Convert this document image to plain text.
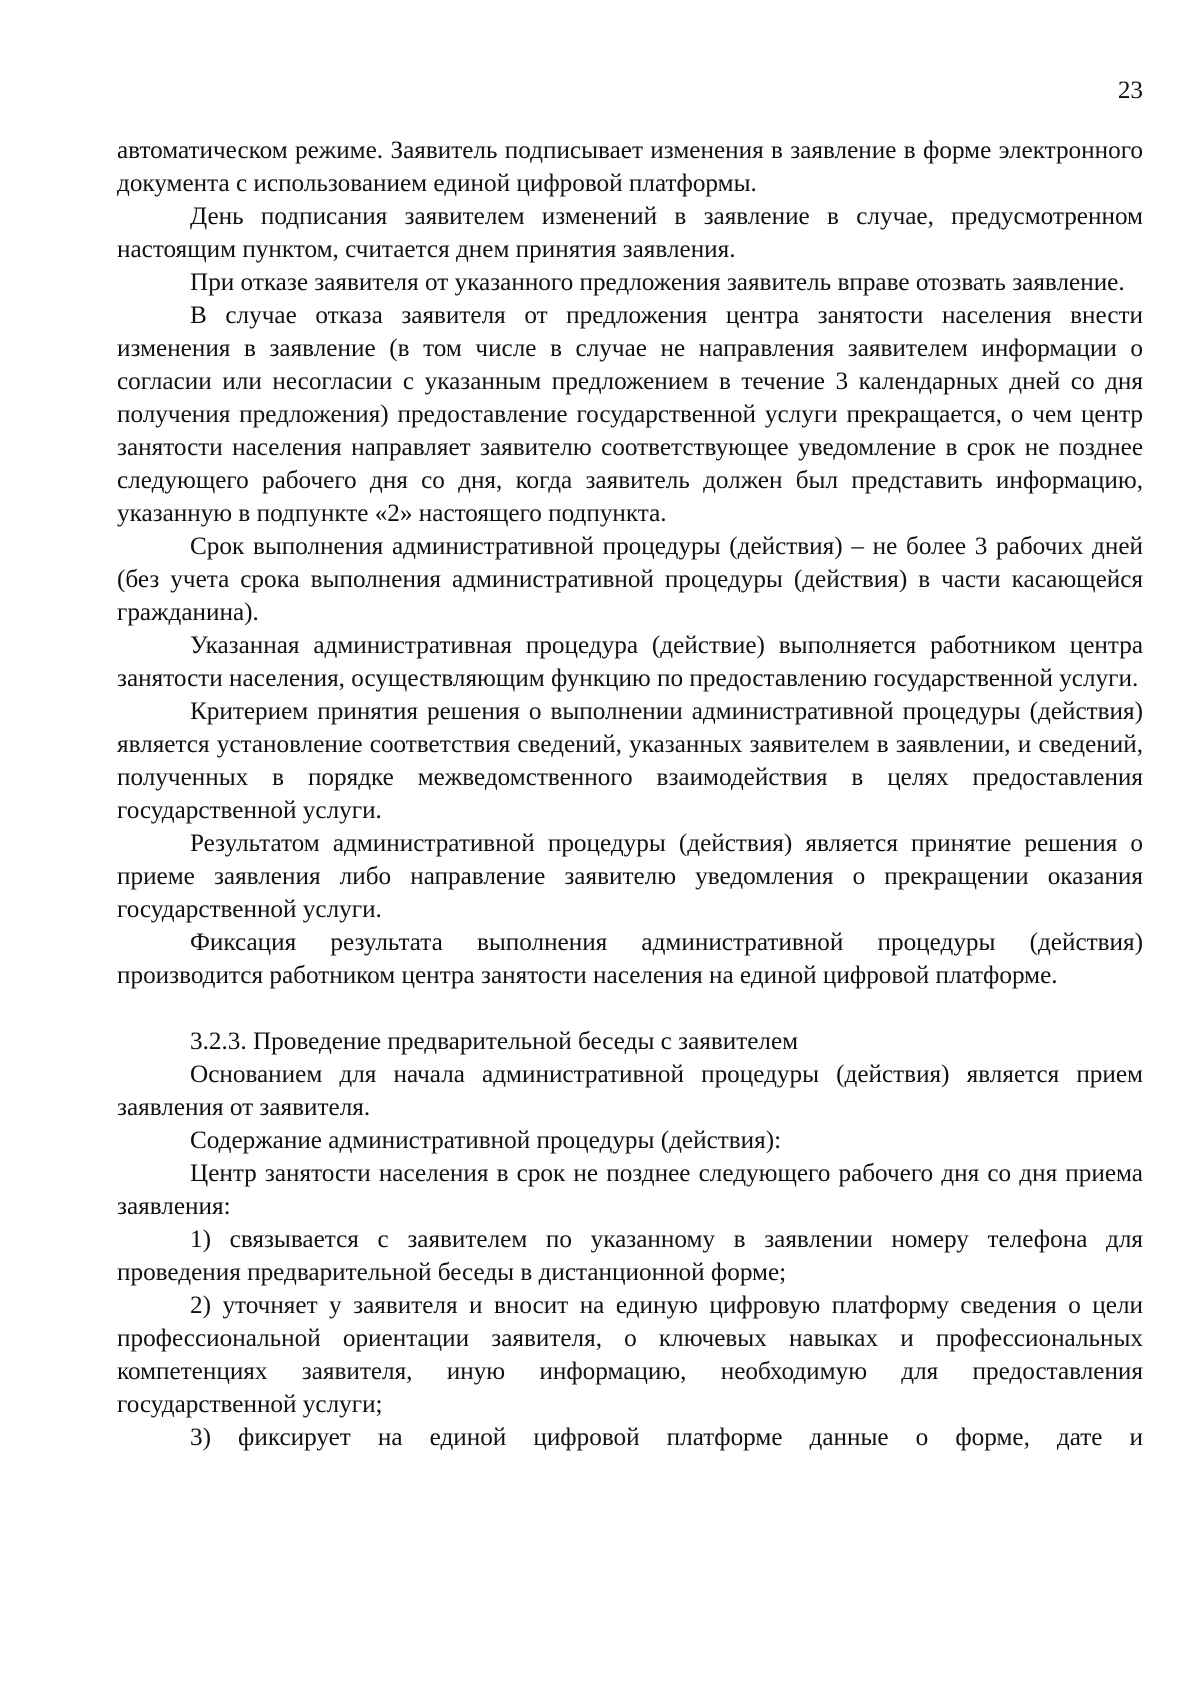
23

автоматическом режиме. Заявитель подписывает изменения в заявление в форме электронного документа с использованием единой цифровой платформы.

День подписания заявителем изменений в заявление в случае, предусмотренном настоящим пунктом, считается днем принятия заявления.

При отказе заявителя от указанного предложения заявитель вправе отозвать заявление.

В случае отказа заявителя от предложения центра занятости населения внести изменения в заявление (в том числе в случае не направления заявителем информации о согласии или несогласии с указанным предложением в течение 3 календарных дней со дня получения предложения) предоставление государственной услуги прекращается, о чем центр занятости населения направляет заявителю соответствующее уведомление в срок не позднее следующего рабочего дня со дня, когда заявитель должен был представить информацию, указанную в подпункте «2» настоящего подпункта.

Срок выполнения административной процедуры (действия) – не более 3 рабочих дней (без учета срока выполнения административной процедуры (действия) в части касающейся гражданина).

Указанная административная процедура (действие) выполняется работником центра занятости населения, осуществляющим функцию по предоставлению государственной услуги.

Критерием принятия решения о выполнении административной процедуры (действия) является установление соответствия сведений, указанных заявителем в заявлении, и сведений, полученных в порядке межведомственного взаимодействия в целях предоставления государственной услуги.

Результатом административной процедуры (действия) является принятие решения о приеме заявления либо направление заявителю уведомления о прекращении оказания государственной услуги.

Фиксация результата выполнения административной процедуры (действия) производится работником центра занятости населения на единой цифровой платформе.

3.2.3. Проведение предварительной беседы с заявителем

Основанием для начала административной процедуры (действия) является прием заявления от заявителя.

Содержание административной процедуры (действия):

Центр занятости населения в срок не позднее следующего рабочего дня со дня приема заявления:

1) связывается с заявителем по указанному в заявлении номеру телефона для проведения предварительной беседы в дистанционной форме;

2) уточняет у заявителя и вносит на единую цифровую платформу сведения о цели профессиональной ориентации заявителя, о ключевых навыках и профессиональных компетенциях заявителя, иную информацию, необходимую для предоставления государственной услуги;

3) фиксирует на единой цифровой платформе данные о форме, дате и
